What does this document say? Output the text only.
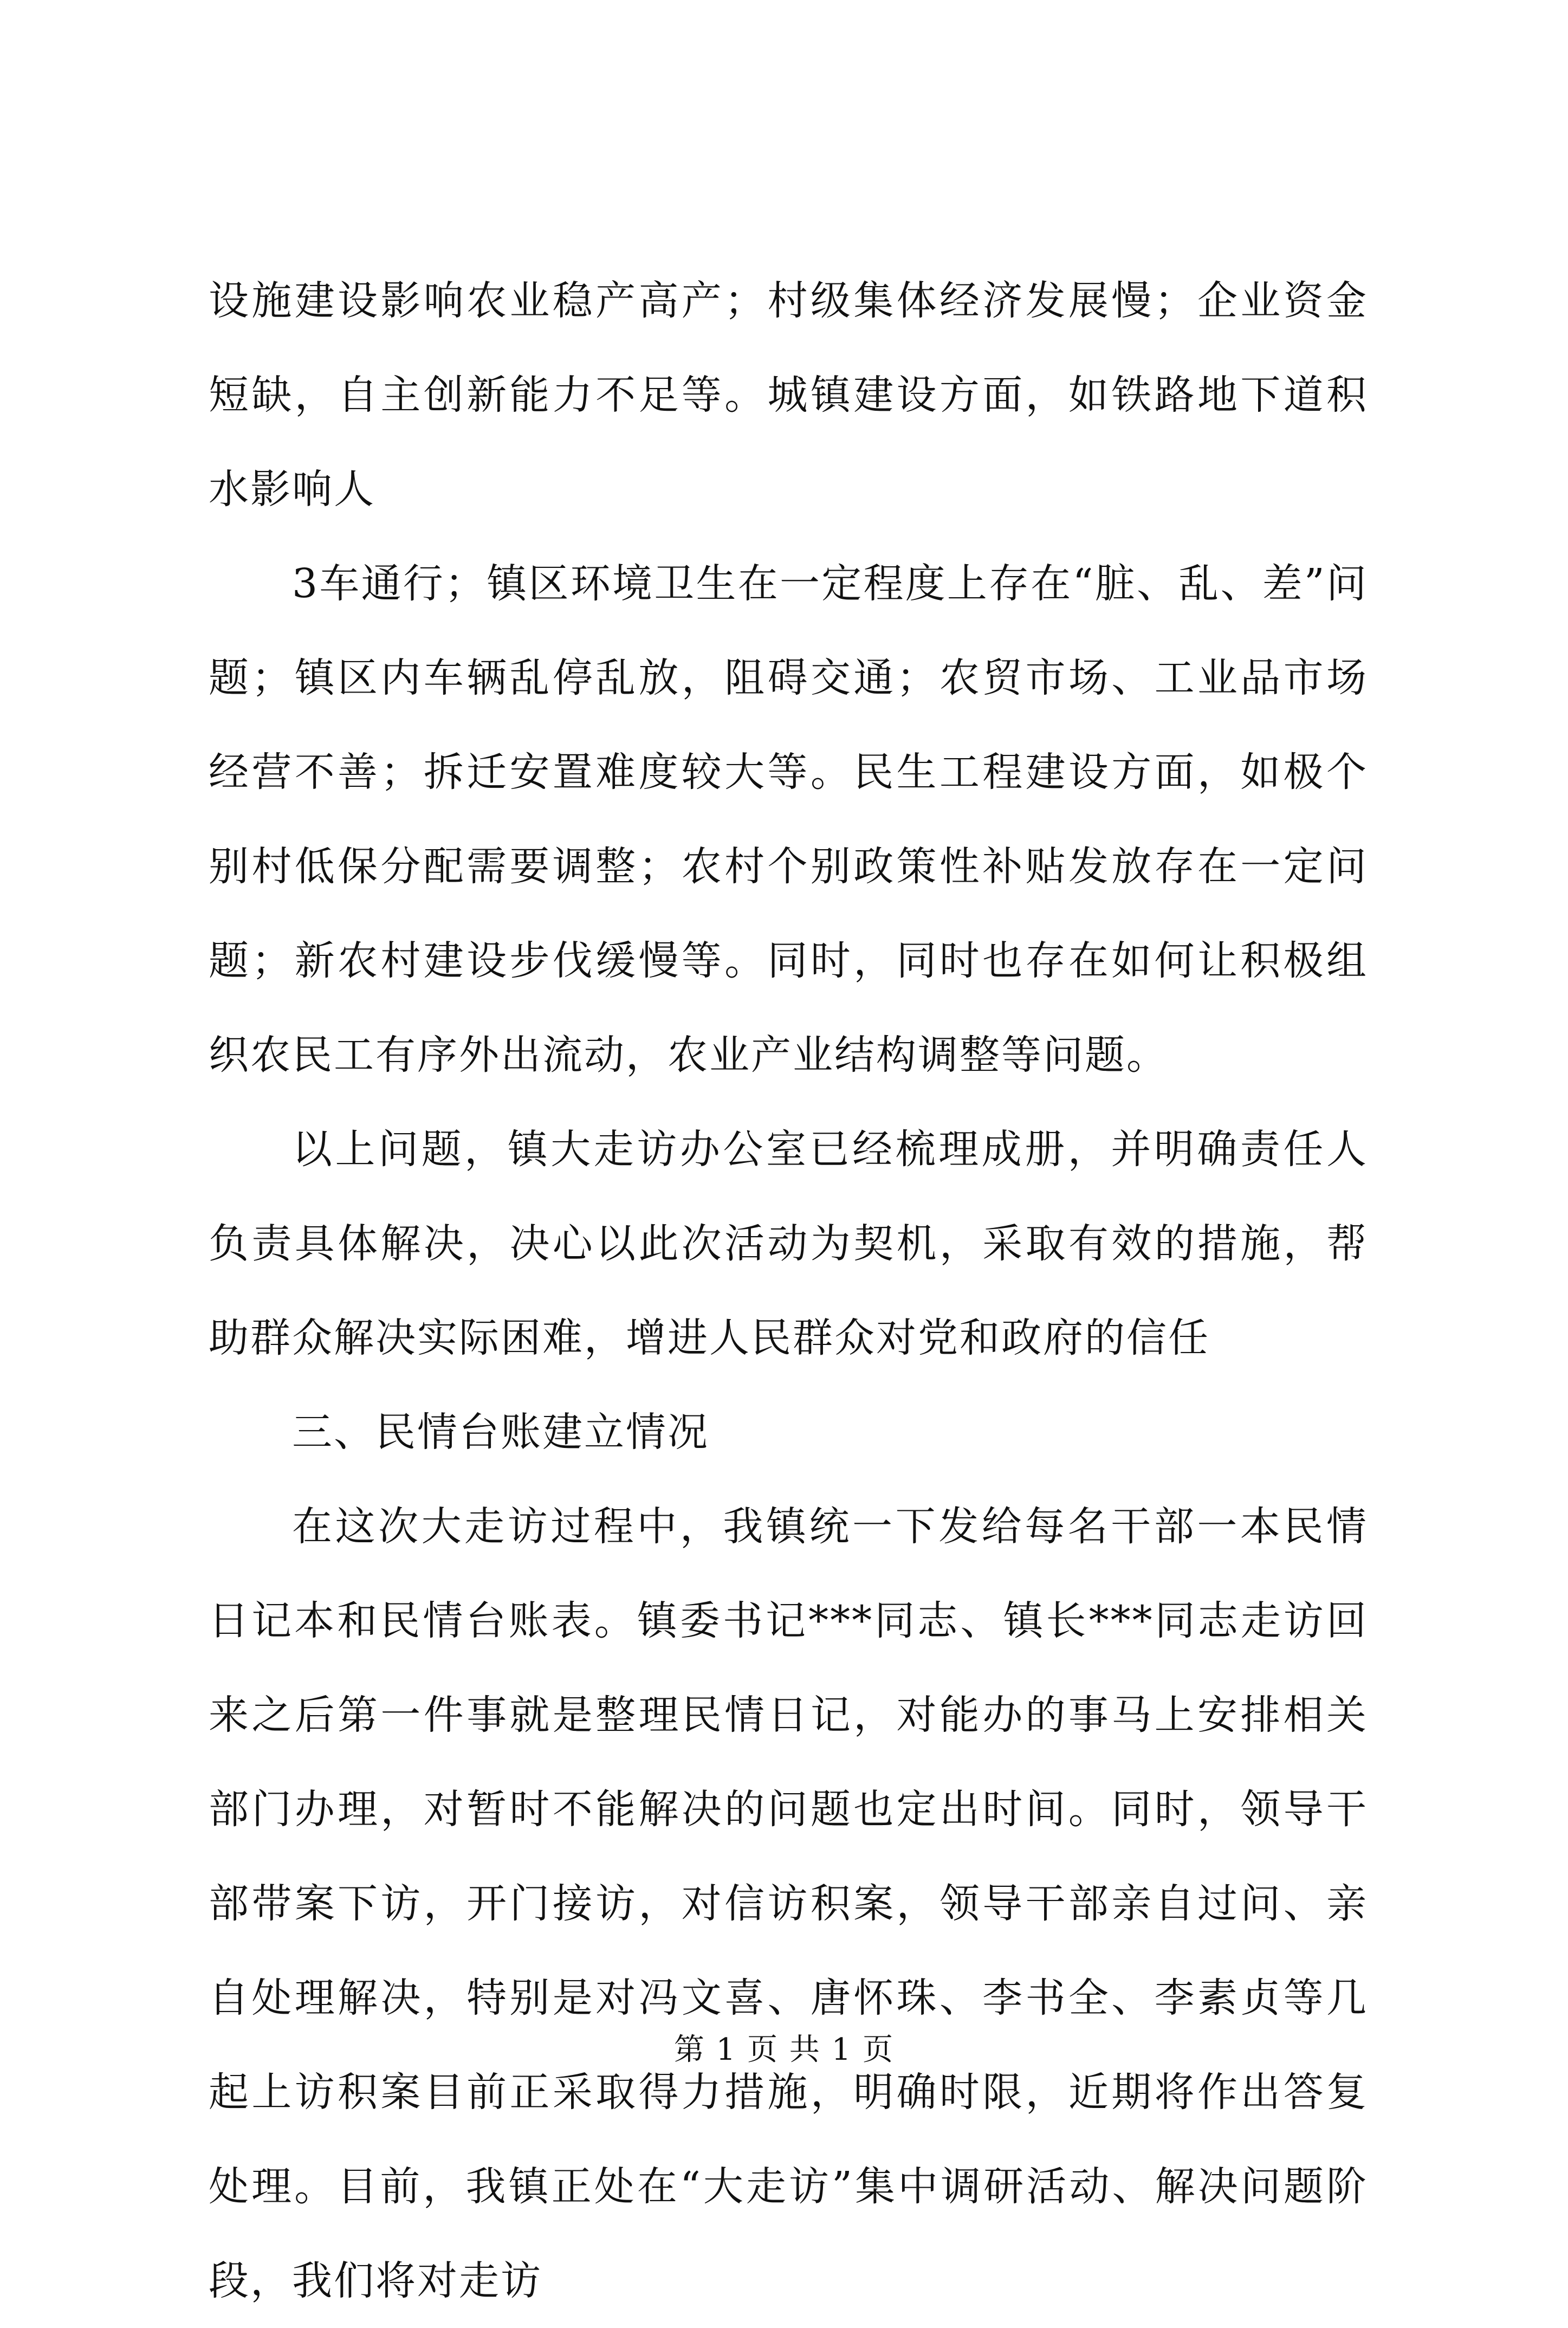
设施建设影响农业稳产高产；村级集体经济发展慢；企业资金短缺，自主创新能力不足等。城镇建设方面，如铁路地下道积水影响人

3车通行；镇区环境卫生在一定程度上存在“脏、乱、差”问题；镇区内车辆乱停乱放，阻碍交通；农贸市场、工业品市场经营不善；拆迁安置难度较大等。民生工程建设方面，如极个别村低保分配需要调整；农村个别政策性补贴发放存在一定问题；新农村建设步伐缓慢等。同时，同时也存在如何让积极组织农民工有序外出流动，农业产业结构调整等问题。

以上问题，镇大走访办公室已经梳理成册，并明确责任人负责具体解决，决心以此次活动为契机，采取有效的措施，帮助群众解决实际困难，增进人民群众对党和政府的信任

三、民情台账建立情况

在这次大走访过程中，我镇统一下发给每名干部一本民情日记本和民情台账表。镇委书记***同志、镇长***同志走访回来之后第一件事就是整理民情日记，对能办的事马上安排相关部门办理，对暂时不能解决的问题也定出时间。同时，领导干部带案下访，开门接访，对信访积案，领导干部亲自过问、亲自处理解决，特别是对冯文喜、唐怀珠、李书全、李素贞等几起上访积案目前正采取得力措施，明确时限，近期将作出答复处理。目前，我镇正处在“大走访”集中调研活动、解决问题阶段，我们将对走访

第 1 页 共 1 页
